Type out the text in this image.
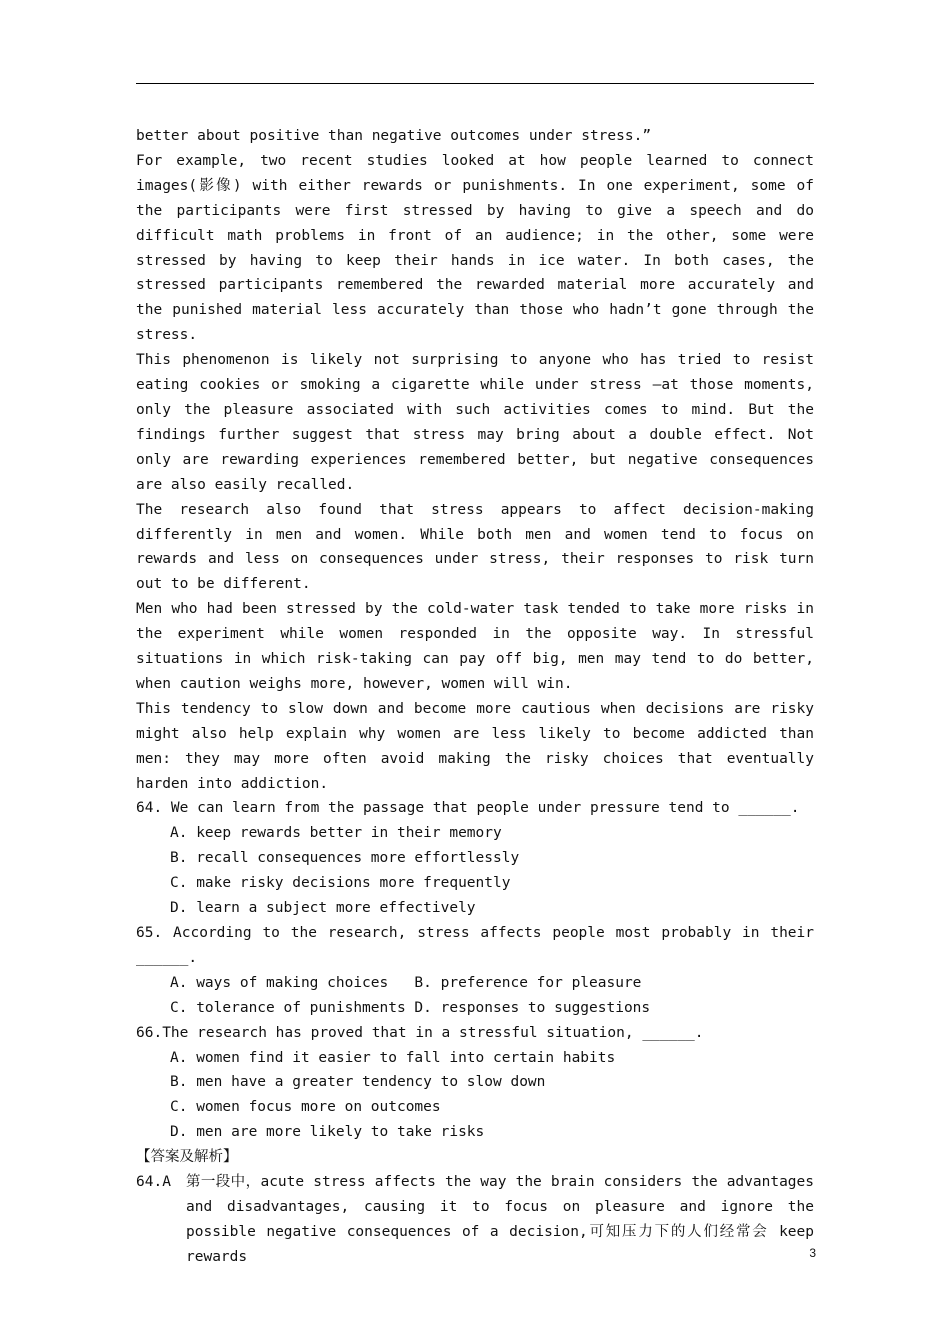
better about positive than negative outcomes under stress.”

For example, two recent studies looked at how people learned to connect images(影像) with either rewards or punishments. In one experiment, some of the participants were first stressed by having to give a speech and do difficult math problems in front of an audience; in the other, some were stressed by having to keep their hands in ice water. In both cases, the stressed participants remembered the rewarded material more accurately and the punished material less accurately than those who hadn’t gone through the stress.

This phenomenon is likely not surprising to anyone who has tried to resist eating cookies or smoking a cigarette while under stress –at those moments, only the pleasure associated with such activities comes to mind. But the findings further suggest that stress may bring about a double effect. Not only are rewarding experiences remembered better, but negative consequences are also easily recalled.

The research also found that stress appears to affect decision-making differently in men and women. While both men and women tend to focus on rewards and less on consequences under stress, their responses to risk turn out to be different.

Men who had been stressed by the cold-water task tended to take more risks in the experiment while women responded in the opposite way. In stressful situations in which risk-taking can pay off big, men may tend to do better, when caution weighs more, however, women will win.

This tendency to slow down and become more cautious when decisions are risky might also help explain why women are less likely to become addicted than men: they may more often avoid making the risky choices that eventually harden into addiction.

64. We can learn from the passage that people under pressure tend to ______.

A. keep rewards better in their memory

B. recall consequences more effortlessly

C. make risky decisions more frequently

D. learn a subject more effectively

65. According to the research, stress affects people most probably in their ______.

A. ways of making choices   B. preference for pleasure

C. tolerance of punishments D. responses to suggestions

66.The research has proved that in a stressful situation, ______.

A. women find it easier to fall into certain habits

B. men have a greater tendency to slow down

C. women focus more on outcomes

D. men are more likely to take risks

【答案及解析】

64.A	第一段中，acute stress affects the way the brain considers the advantages and disadvantages, causing it to focus on pleasure and ignore the possible negative consequences of a decision,可知压力下的人们经常会 keep rewards	3
